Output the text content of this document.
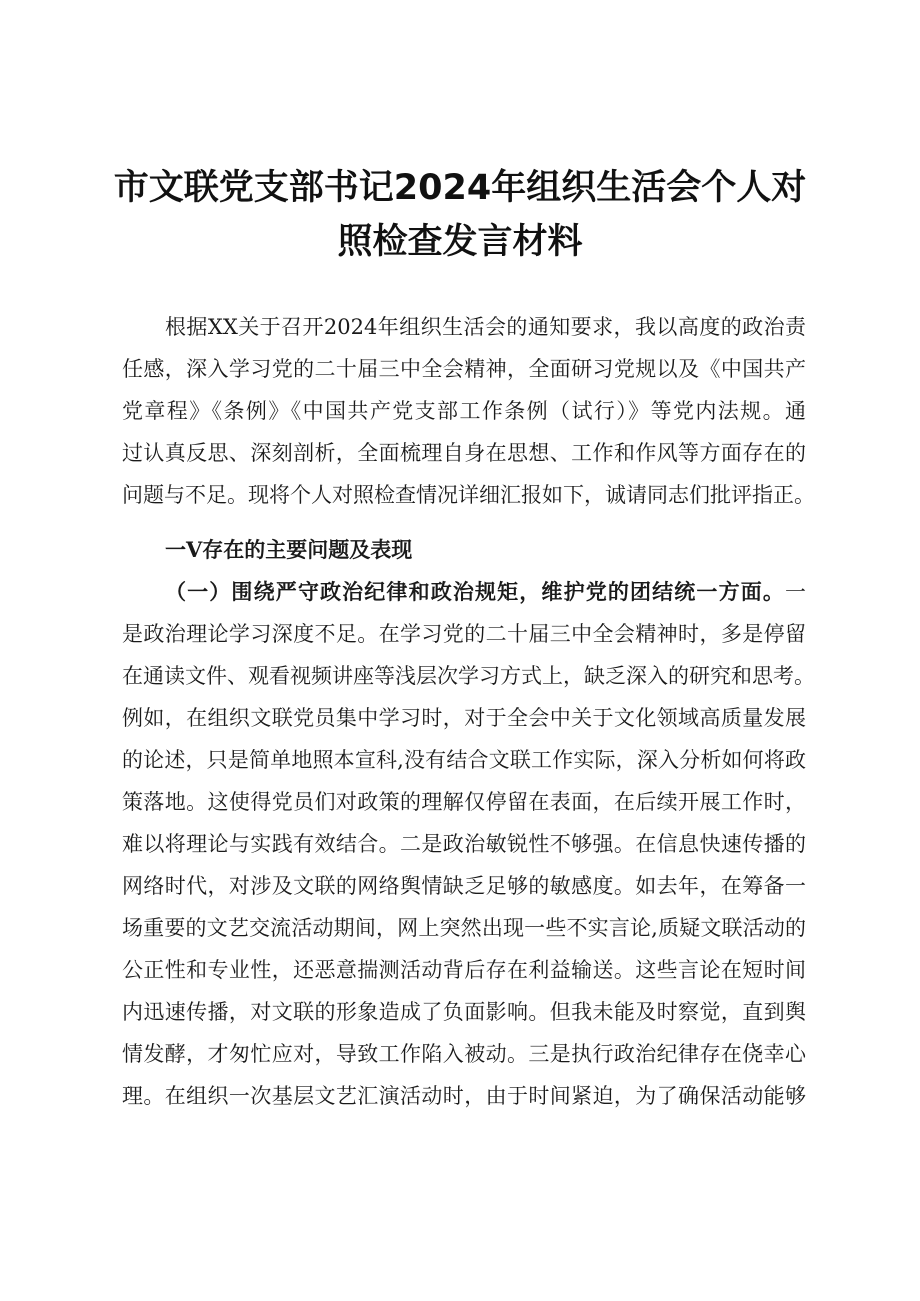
市文联党支部书记2024年组织生活会个人对
照检查发言材料
根据XX关于召开2024年组织生活会的通知要求，我以高度的政治责
任感，深入学习党的二十届三中全会精神，全面研习党规以及《中国共产
党章程》《条例》《中国共产党支部工作条例（试行）》等党内法规。通
过认真反思、深刻剖析，全面梳理自身在思想、工作和作风等方面存在的
问题与不足。现将个人对照检查情况详细汇报如下，诚请同志们批评指正。
一V存在的主要问题及表现
（一）围绕严守政治纪律和政治规矩，维护党的团结统一方面。一
是政治理论学习深度不足。在学习党的二十届三中全会精神时，多是停留
在通读文件、观看视频讲座等浅层次学习方式上，缺乏深入的研究和思考。
例如，在组织文联党员集中学习时，对于全会中关于文化领域高质量发展
的论述，只是简单地照本宣科,没有结合文联工作实际，深入分析如何将政
策落地。这使得党员们对政策的理解仅停留在表面，在后续开展工作时，
难以将理论与实践有效结合。二是政治敏锐性不够强。在信息快速传播的
网络时代，对涉及文联的网络舆情缺乏足够的敏感度。如去年，在筹备一
场重要的文艺交流活动期间，网上突然出现一些不实言论,质疑文联活动的
公正性和专业性，还恶意揣测活动背后存在利益输送。这些言论在短时间
内迅速传播，对文联的形象造成了负面影响。但我未能及时察觉，直到舆
情发酵，才匆忙应对，导致工作陷入被动。三是执行政治纪律存在侥幸心
理。在组织一次基层文艺汇演活动时，由于时间紧迫，为了确保活动能够
